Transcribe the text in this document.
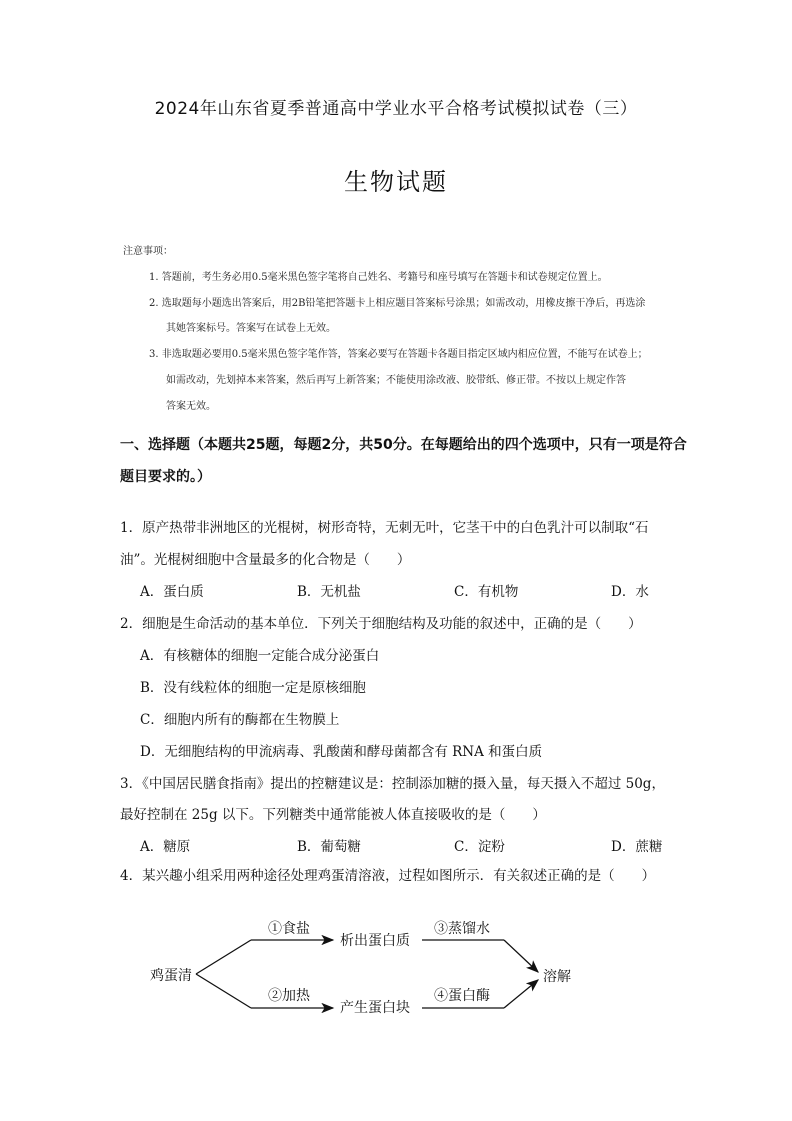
2024年山东省夏季普通高中学业水平合格考试模拟试卷（三）
生物试题
注意事项：
1. 答题前，考生务必用0.5毫米黑色签字笔将自己姓名、考籍号和座号填写在答题卡和试卷规定位置上。
2. 选取题每小题选出答案后，用2B铅笔把答题卡上相应题目答案标号涂黑；如需改动，用橡皮擦干净后，再选涂
其她答案标号。答案写在试卷上无效。
3. 非选取题必要用0.5毫米黑色签字笔作答，答案必要写在答题卡各题目指定区域内相应位置，不能写在试卷上；
如需改动，先划掉本来答案，然后再写上新答案；不能使用涂改液、胶带纸、修正带。不按以上规定作答
答案无效。
一、选择题（本题共25题，每题2分，共50分。在每题给出的四个选项中，只有一项是符合
题目要求的。）
1．原产热带非洲地区的光棍树，树形奇特，无刺无叶，它茎干中的白色乳汁可以制取“石
油”。光棍树细胞中含量最多的化合物是（　　）
A．蛋白质	B．无机盐	C．有机物	D．水
2．细胞是生命活动的基本单位．下列关于细胞结构及功能的叙述中，正确的是（　　）
A．有核糖体的细胞一定能合成分泌蛋白
B．没有线粒体的细胞一定是原核细胞
C．细胞内所有的酶都在生物膜上
D．无细胞结构的甲流病毒、乳酸菌和酵母菌都含有 RNA 和蛋白质
3．《中国居民膳食指南》提出的控糖建议是：控制添加糖的摄入量，每天摄入不超过 50g，
最好控制在 25g 以下。下列糖类中通常能被人体直接吸收的是（　　）
A．糖原	B．葡萄糖	C．淀粉	D．蔗糖
4．某兴趣小组采用两种途径处理鸡蛋清溶液，过程如图所示．有关叙述正确的是（　　）
鸡蛋清
①食盐
②加热
析出蛋白质
产生蛋白块
③蒸馏水
④蛋白酶
溶解
